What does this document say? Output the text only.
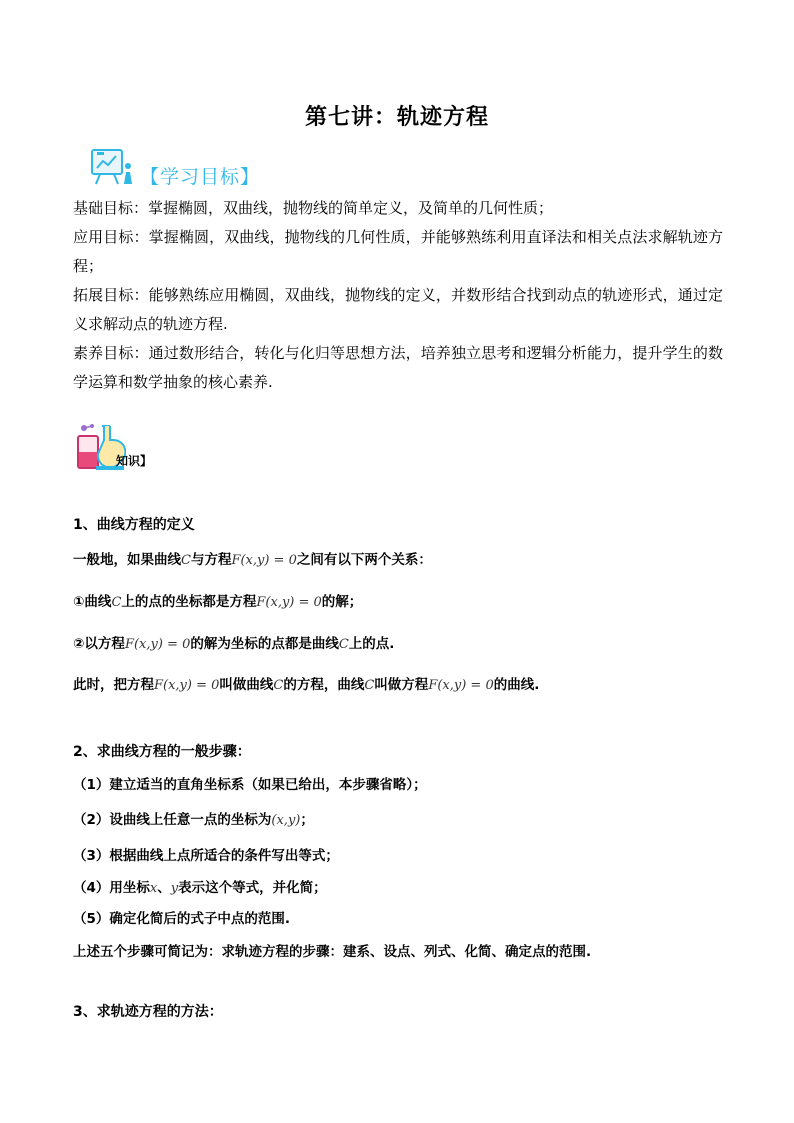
第七讲：轨迹方程
【学习目标】
基础目标：掌握椭圆，双曲线，抛物线的简单定义，及简单的几何性质；
应用目标：掌握椭圆，双曲线，抛物线的几何性质，并能够熟练利用直译法和相关点法求解轨迹方程；
拓展目标：能够熟练应用椭圆，双曲线，抛物线的定义，并数形结合找到动点的轨迹形式，通过定义求解动点的轨迹方程.
素养目标：通过数形结合，转化与化归等思想方法，培养独立思考和逻辑分析能力，提升学生的数学运算和数学抽象的核心素养.
知识】
1、曲线方程的定义
一般地，如果曲线C与方程F(x,y) = 0之间有以下两个关系：
①曲线C上的点的坐标都是方程F(x,y) = 0的解；
②以方程F(x,y) = 0的解为坐标的点都是曲线C上的点.
此时，把方程F(x,y) = 0叫做曲线C的方程，曲线C叫做方程F(x,y) = 0的曲线.
2、求曲线方程的一般步骤：
（1）建立适当的直角坐标系（如果已给出，本步骤省略）；
（2）设曲线上任意一点的坐标为(x,y)；
（3）根据曲线上点所适合的条件写出等式；
（4）用坐标x、y表示这个等式，并化简；
（5）确定化简后的式子中点的范围.
上述五个步骤可简记为：求轨迹方程的步骤：建系、设点、列式、化简、确定点的范围.
3、求轨迹方程的方法：
